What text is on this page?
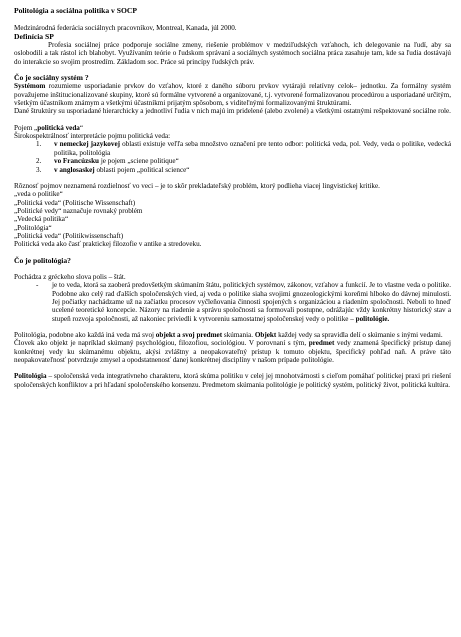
Politológia a sociálna politika v SOCP

Medzinárodná federácia sociálnych pracovníkov, Montreal, Kanada, júl 2000.

Definícia SP

Profesia sociálnej práce podporuje sociálne zmeny, riešenie problémov v medziľudských vzťahoch, ich delegovanie na ľudí, aby sa oslobodili a tak rástol ich blahobyt. Využívaním teórie o ľudskom správaní a sociálnych systémoch sociálna práca zasahuje tam, kde sa ľudia dostávajú do interakcie so svojim prostredím. Základom soc. Práce sú princípy ľudských práv.

Čo je sociálny systém ?

Systémom rozumieme usporiadanie prvkov do vzťahov, ktoré z daného súboru prvkov vytárajú relatívny celok– jednotku. Za formálny systém považujeme inštitucionalizované skupiny, ktoré sú formálne vytvorené a organizované, t.j. vytvorené formalizovanou procedúrou a usporiadané určitým, všetkým účastníkom známym a všetkými účastníkmi prijatým spôsobom, s viditeľnými formalizovanými štruktúrami.

Dané štruktúry su usporiadané hierarchicky a jednotliví ľudia v nich majú im pridelené (alebo zvolené) a všetkými ostatnými rešpektované sociálne role.

Pojem „politická veda“

Širokospektrálnosť interpretácie pojmu politická veda:

1. v nemeckej jazykovej oblasti existuje veľľa seba množstvo označení pre tento odbor: politická veda, pol. Vedy, veda o politike, vedecká politika, politológia
2. vo Francúzsku je pojem „sciene politique“
3. v anglosaskej oblasti pojem „political science“

Rôznosť pojmov neznamená rozdielnosť vo veci – je to skôr prekladateľský problém, ktorý podlieha viacej lingvistickej kritike.

„veda o politike“

„Politická veda“ (Politische Wissenschaft)

„Politické vedy“ naznačuje rovnaký problém

„Vedecká politika“

„Politológia“

„Politická veda“ (Politikwissenschaft)

Politická veda ako časť praktickej filozofie v antike a stredoveku.

Čo je politológia?

Pochádza z gréckeho slova polis – štát.

- je to veda, ktorá sa zaoberá predovšetkým skúmaním štátu, politických systémov, zákonov, vzťahov a funkcií. Je to vlastne veda o politike. Podobne ako celý rad ďalších spoločenských vied, aj veda o politike siaha svojimi gnozeologickými koreňmi hlboko do dávnej minulosti. Jej počiatky nachádzame už na začiatku procesov vyčleňovania činnosti spojených s organizáciou a riadením spoločnosti. Neboli to hneď ucelené teoretické koncepcie. Názory na riadenie a správu spoločnosti sa formovali postupne, odrážajúc vždy konkrétny historický stav a stupeň rozvoja spoločnosti, až nakoniec priviedli k vytvoreniu samostatnej spoločenskej vedy o politike – politológie.

Politológia, podobne ako každá iná veda má svoj objekt a svoj predmet skúmania. Objekt každej vedy sa spravidla delí o skúmanie s inými vedami.

Človek ako objekt je napríklad skúmaný psychológiou, filozofiou, sociológiou. V porovnaní s tým, predmet vedy znamená špecifický prístup danej konkrétnej vedy ku skúmanému objektu, akýsi zvláštny a neopakovateľný prístup k tomuto objektu, špecifický pohľad naň. A práve táto neopakovateľnosť potvrdzuje zmysel a opodstatnenosť danej konkrétnej disciplíny v našom prípade politológie.

Politológia – spoločenská veda integratívneho charakteru, ktorá skúma politiku v celej jej mnohotvárnosti s cieľom pomáhať politickej praxi pri riešení spoločenských konfliktov a pri hľadaní spoločenského konsenzu. Predmetom skúmania politológie je politický systém, politický život, politická kultúra.
